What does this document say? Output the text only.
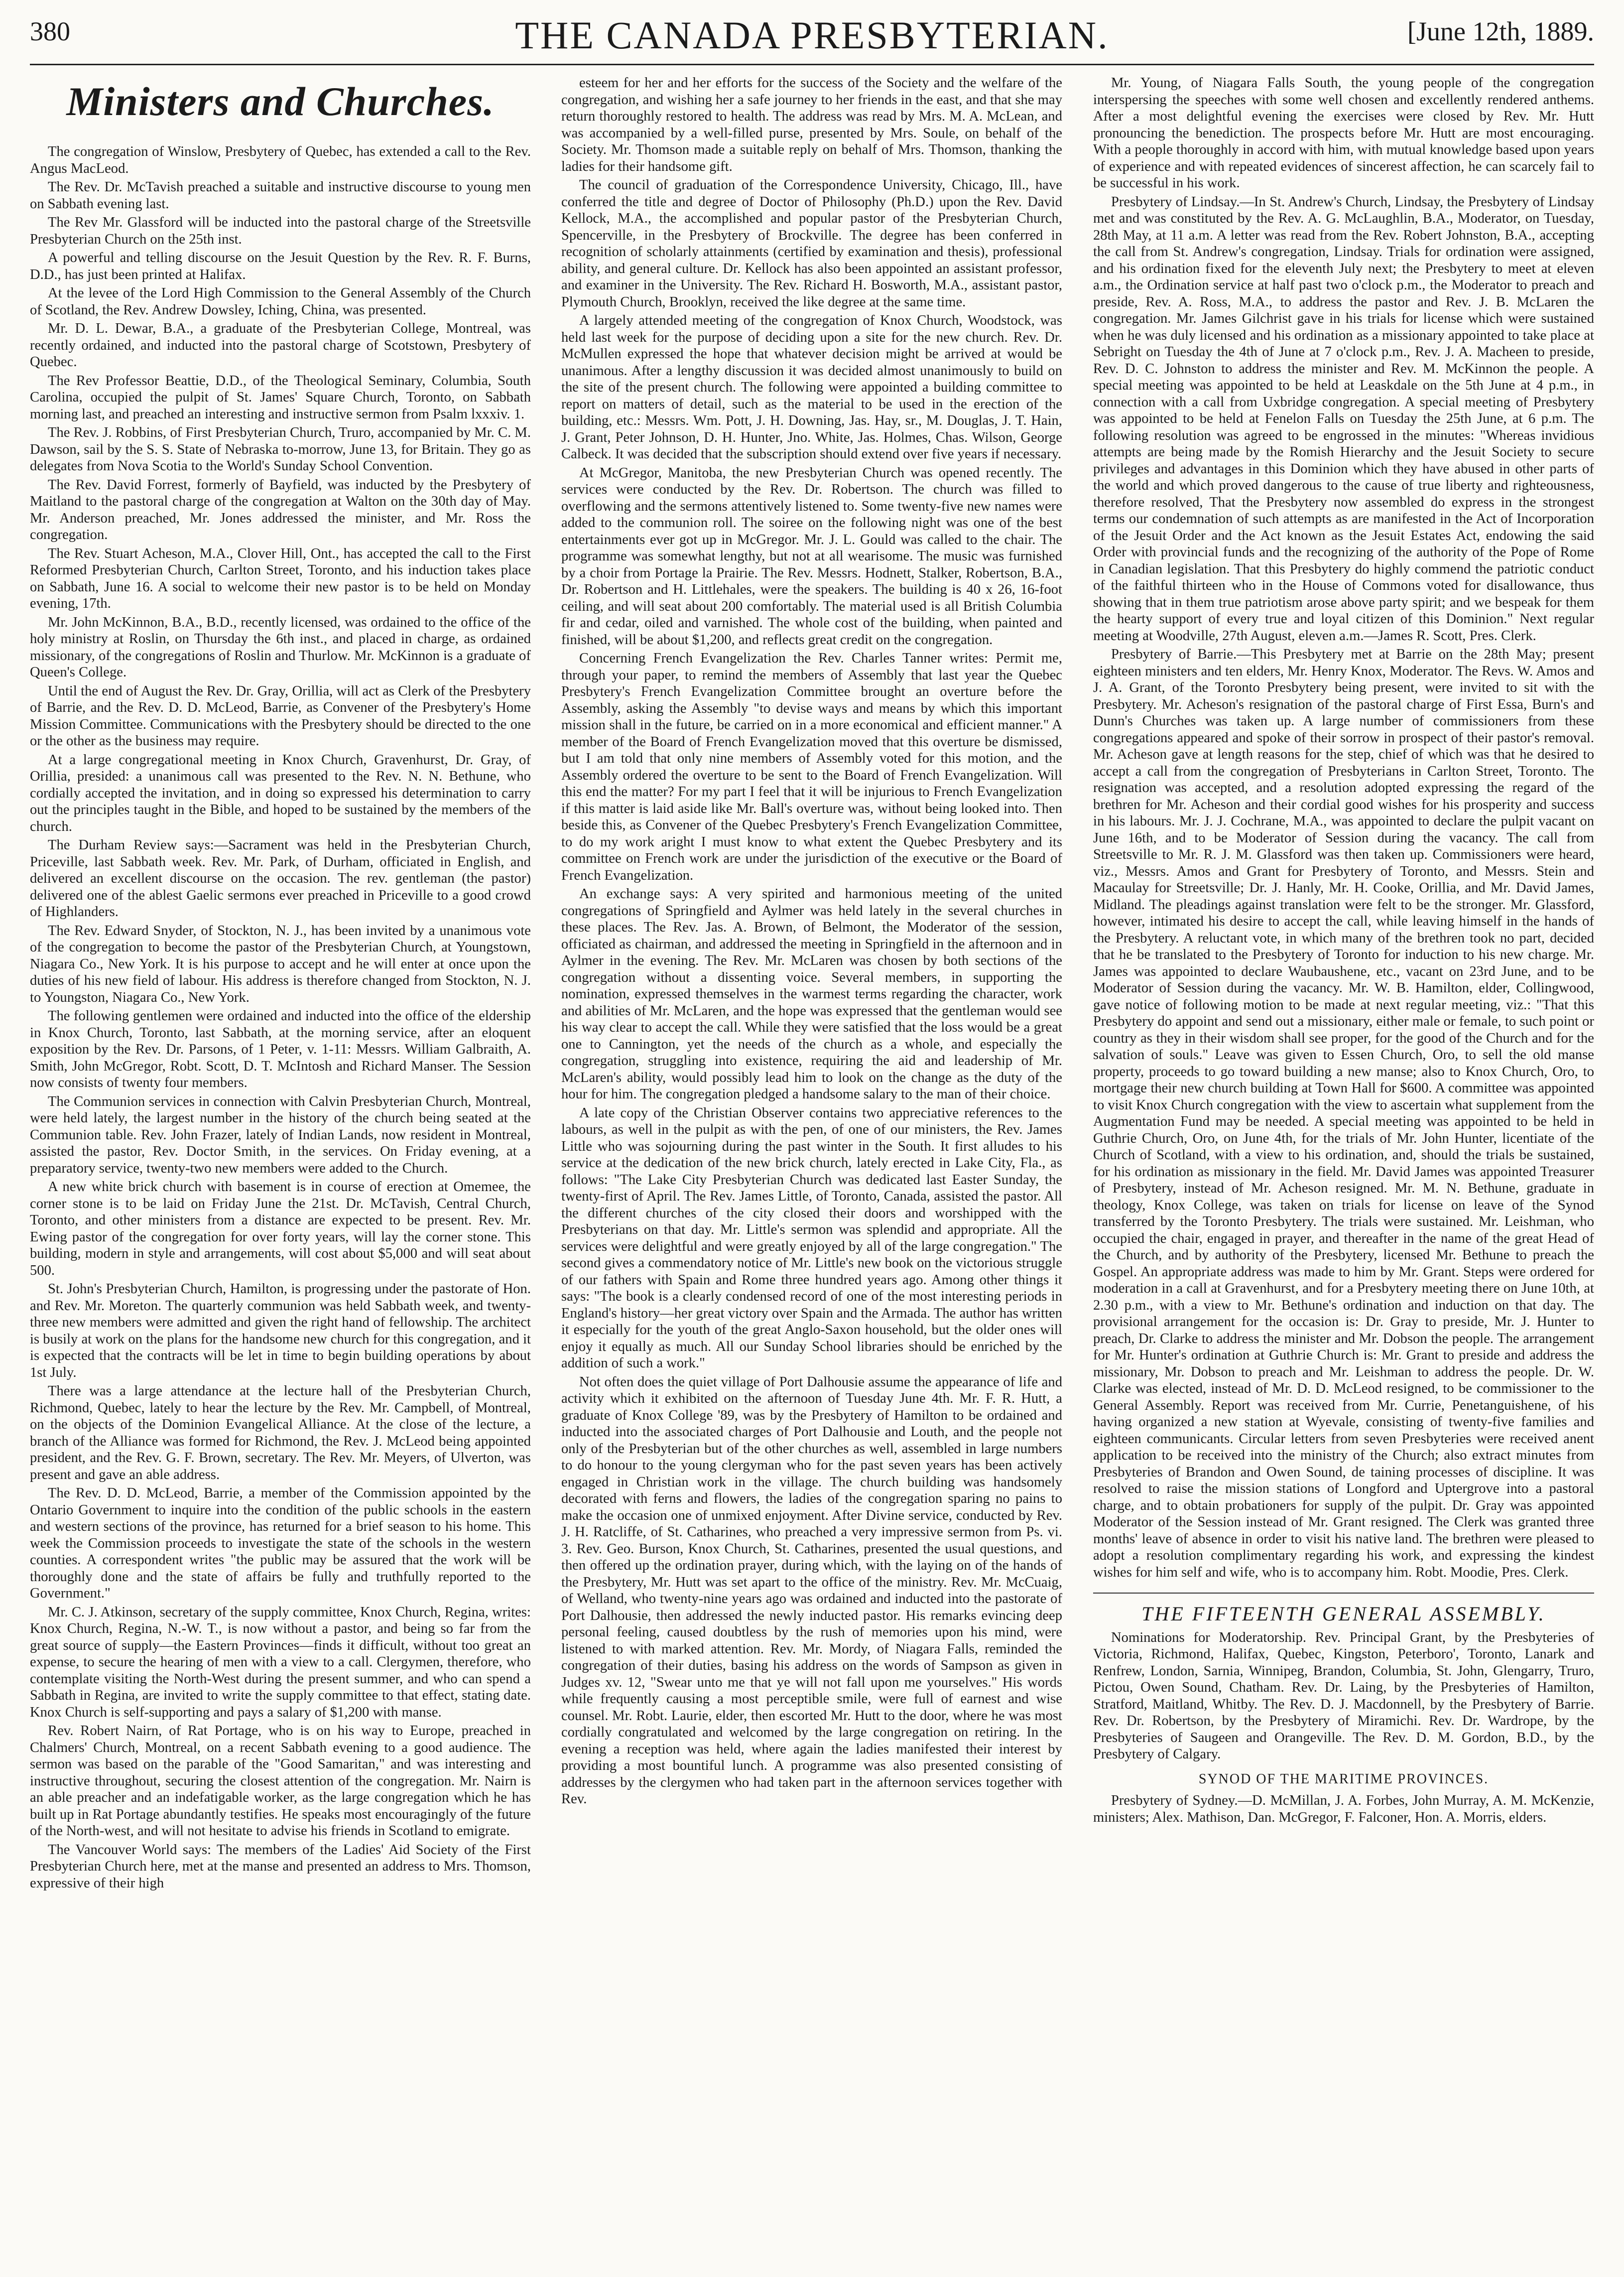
380	THE CANADA PRESBYTERIAN.	[June 12th, 1889.
Ministers and Churches.

The congregation of Winslow, Presbytery of Quebec, has extended a call to the Rev. Angus MacLeod.

The Rev. Dr. McTavish preached a suitable and instructive discourse to young men on Sabbath evening last.

The Rev Mr. Glassford will be inducted into the pastoral charge of the Streetsville Presbyterian Church on the 25th inst.

A powerful and telling discourse on the Jesuit Question by the Rev. R. F. Burns, D.D., has just been printed at Halifax.

At the levee of the Lord High Commission to the General Assembly of the Church of Scotland, the Rev. Andrew Dowsley, Iching, China, was presented.

Mr. D. L. Dewar, B.A., a graduate of the Presbyterian College, Montreal, was recently ordained, and inducted into the pastoral charge of Scotstown, Presbytery of Quebec.

The Rev Professor Beattie, D.D., of the Theological Seminary, Columbia, South Carolina, occupied the pulpit of St. James' Square Church, Toronto, on Sabbath morning last, and preached an interesting and instructive sermon from Psalm lxxxiv. 1.

The Rev. J. Robbins, of First Presbyterian Church, Truro, accompanied by Mr. C. M. Dawson, sail by the S. S. State of Nebraska to-morrow, June 13, for Britain. They go as delegates from Nova Scotia to the World's Sunday School Convention.

The Rev. David Forrest, formerly of Bayfield, was inducted by the Presbytery of Maitland to the pastoral charge of the congregation at Walton on the 30th day of May. Mr. Anderson preached, Mr. Jones addressed the minister, and Mr. Ross the congregation.

The Rev. Stuart Acheson, M.A., Clover Hill, Ont., has accepted the call to the First Reformed Presbyterian Church, Carlton Street, Toronto, and his induction takes place on Sabbath, June 16. A social to welcome their new pastor is to be held on Monday evening, 17th.

Mr. John McKinnon, B.A., B.D., recently licensed, was ordained to the office of the holy ministry at Roslin, on Thursday the 6th inst., and placed in charge, as ordained missionary, of the congregations of Roslin and Thurlow. Mr. McKinnon is a graduate of Queen's College.

Until the end of August the Rev. Dr. Gray, Orillia, will act as Clerk of the Presbytery of Barrie, and the Rev. D. D. McLeod, Barrie, as Convener of the Presbytery's Home Mission Committee. Communications with the Presbytery should be directed to the one or the other as the business may require.

At a large congregational meeting in Knox Church, Gravenhurst, Dr. Gray, of Orillia, presided: a unanimous call was presented to the Rev. N. N. Bethune, who cordially accepted the invitation, and in doing so expressed his determination to carry out the principles taught in the Bible, and hoped to be sustained by the members of the church.

The Durham Review says:—Sacrament was held in the Presbyterian Church, Priceville, last Sabbath week. Rev. Mr. Park, of Durham, officiated in English, and delivered an excellent discourse on the occasion. The rev. gentleman (the pastor) delivered one of the ablest Gaelic sermons ever preached in Priceville to a good crowd of Highlanders.

The Rev. Edward Snyder, of Stockton, N. J., has been invited by a unanimous vote of the congregation to become the pastor of the Presbyterian Church, at Youngstown, Niagara Co., New York. It is his purpose to accept and he will enter at once upon the duties of his new field of labour. His address is therefore changed from Stockton, N. J. to Youngston, Niagara Co., New York.

The following gentlemen were ordained and inducted into the office of the eldership in Knox Church, Toronto, last Sabbath, at the morning service, after an eloquent exposition by the Rev. Dr. Parsons, of 1 Peter, v. 1-11: Messrs. William Galbraith, A. Smith, John McGregor, Robt. Scott, D. T. McIntosh and Richard Manser. The Session now consists of twenty four members.

The Communion services in connection with Calvin Presbyterian Church, Montreal, were held lately, the largest number in the history of the church being seated at the Communion table. Rev. John Frazer, lately of Indian Lands, now resident in Montreal, assisted the pastor, Rev. Doctor Smith, in the services. On Friday evening, at a preparatory service, twenty-two new members were added to the Church.

A new white brick church with basement is in course of erection at Omemee, the corner stone is to be laid on Friday June the 21st. Dr. McTavish, Central Church, Toronto, and other ministers from a distance are expected to be present. Rev. Mr. Ewing pastor of the congregation for over forty years, will lay the corner stone. This building, modern in style and arrangements, will cost about $5,000 and will seat about 500.

St. John's Presbyterian Church, Hamilton, is progressing under the pastorate of Hon. and Rev. Mr. Moreton. The quarterly communion was held Sabbath week, and twenty-three new members were admitted and given the right hand of fellowship. The architect is busily at work on the plans for the handsome new church for this congregation, and it is expected that the contracts will be let in time to begin building operations by about 1st July.

There was a large attendance at the lecture hall of the Presbyterian Church, Richmond, Quebec, lately to hear the lecture by the Rev. Mr. Campbell, of Montreal, on the objects of the Dominion Evangelical Alliance. At the close of the lecture, a branch of the Alliance was formed for Richmond, the Rev. J. McLeod being appointed president, and the Rev. G. F. Brown, secretary. The Rev. Mr. Meyers, of Ulverton, was present and gave an able address.

The Rev. D. D. McLeod, Barrie, a member of the Commission appointed by the Ontario Government to inquire into the condition of the public schools in the eastern and western sections of the province, has returned for a brief season to his home. This week the Commission proceeds to investigate the state of the schools in the western counties. A correspondent writes "the public may be assured that the work will be thoroughly done and the state of affairs be fully and truthfully reported to the Government."

Mr. C. J. Atkinson, secretary of the supply committee, Knox Church, Regina, writes: Knox Church, Regina, N.-W. T., is now without a pastor, and being so far from the great source of supply—the Eastern Provinces—finds it difficult, without too great an expense, to secure the hearing of men with a view to a call. Clergymen, therefore, who contemplate visiting the North-West during the present summer, and who can spend a Sabbath in Regina, are invited to write the supply committee to that effect, stating date. Knox Church is self-supporting and pays a salary of $1,200 with manse.

Rev. Robert Nairn, of Rat Portage, who is on his way to Europe, preached in Chalmers' Church, Montreal, on a recent Sabbath evening to a good audience. The sermon was based on the parable of the "Good Samaritan," and was interesting and instructive throughout, securing the closest attention of the congregation. Mr. Nairn is an able preacher and an indefatigable worker, as the large congregation which he has built up in Rat Portage abundantly testifies. He speaks most encouragingly of the future of the North-west, and will not hesitate to advise his friends in Scotland to emigrate.

The Vancouver World says: The members of the Ladies' Aid Society of the First Presbyterian Church here, met at the manse and presented an address to Mrs. Thomson, expressive of their high

esteem for her and her efforts for the success of the Society and the welfare of the congregation, and wishing her a safe journey to her friends in the east, and that she may return thoroughly restored to health. The address was read by Mrs. M. A. McLean, and was accompanied by a well-filled purse, presented by Mrs. Soule, on behalf of the Society. Mr. Thomson made a suitable reply on behalf of Mrs. Thomson, thanking the ladies for their handsome gift.

The council of graduation of the Correspondence University, Chicago, Ill., have conferred the title and degree of Doctor of Philosophy (Ph.D.) upon the Rev. David Kellock, M.A., the accomplished and popular pastor of the Presbyterian Church, Spencerville, in the Presbytery of Brockville. The degree has been conferred in recognition of scholarly attainments (certified by examination and thesis), professional ability, and general culture. Dr. Kellock has also been appointed an assistant professor, and examiner in the University. The Rev. Richard H. Bosworth, M.A., assistant pastor, Plymouth Church, Brooklyn, received the like degree at the same time.

A largely attended meeting of the congregation of Knox Church, Woodstock, was held last week for the purpose of deciding upon a site for the new church. Rev. Dr. McMullen expressed the hope that whatever decision might be arrived at would be unanimous. After a lengthy discussion it was decided almost unanimously to build on the site of the present church. The following were appointed a building committee to report on matters of detail, such as the material to be used in the erection of the building, etc.: Messrs. Wm. Pott, J. H. Downing, Jas. Hay, sr., M. Douglas, J. T. Hain, J. Grant, Peter Johnson, D. H. Hunter, Jno. White, Jas. Holmes, Chas. Wilson, George Calbeck. It was decided that the subscription should extend over five years if necessary.

At McGregor, Manitoba, the new Presbyterian Church was opened recently. The services were conducted by the Rev. Dr. Robertson. The church was filled to overflowing and the sermons attentively listened to. Some twenty-five new names were added to the communion roll. The soiree on the following night was one of the best entertainments ever got up in McGregor. Mr. J. L. Gould was called to the chair. The programme was somewhat lengthy, but not at all wearisome. The music was furnished by a choir from Portage la Prairie. The Rev. Messrs. Hodnett, Stalker, Robertson, B.A., Dr. Robertson and H. Littlehales, were the speakers. The building is 40 x 26, 16-foot ceiling, and will seat about 200 comfortably. The material used is all British Columbia fir and cedar, oiled and varnished. The whole cost of the building, when painted and finished, will be about $1,200, and reflects great credit on the congregation.

Concerning French Evangelization the Rev. Charles Tanner writes: Permit me, through your paper, to remind the members of Assembly that last year the Quebec Presbytery's French Evangelization Committee brought an overture before the Assembly, asking the Assembly "to devise ways and means by which this important mission shall in the future, be carried on in a more economical and efficient manner." A member of the Board of French Evangelization moved that this overture be dismissed, but I am told that only nine members of Assembly voted for this motion, and the Assembly ordered the overture to be sent to the Board of French Evangelization. Will this end the matter? For my part I feel that it will be injurious to French Evangelization if this matter is laid aside like Mr. Ball's overture was, without being looked into. Then beside this, as Convener of the Quebec Presbytery's French Evangelization Committee, to do my work aright I must know to what extent the Quebec Presbytery and its committee on French work are under the jurisdiction of the executive or the Board of French Evangelization.

An exchange says: A very spirited and harmonious meeting of the united congregations of Springfield and Aylmer was held lately in the several churches in these places. The Rev. Jas. A. Brown, of Belmont, the Moderator of the session, officiated as chairman, and addressed the meeting in Springfield in the afternoon and in Aylmer in the evening. The Rev. Mr. McLaren was chosen by both sections of the congregation without a dissenting voice. Several members, in supporting the nomination, expressed themselves in the warmest terms regarding the character, work and abilities of Mr. McLaren, and the hope was expressed that the gentleman would see his way clear to accept the call. While they were satisfied that the loss would be a great one to Cannington, yet the needs of the church as a whole, and especially the congregation, struggling into existence, requiring the aid and leadership of Mr. McLaren's ability, would possibly lead him to look on the change as the duty of the hour for him. The congregation pledged a handsome salary to the man of their choice.

A late copy of the Christian Observer contains two appreciative references to the labours, as well in the pulpit as with the pen, of one of our ministers, the Rev. James Little who was sojourning during the past winter in the South. It first alludes to his service at the dedication of the new brick church, lately erected in Lake City, Fla., as follows: "The Lake City Presbyterian Church was dedicated last Easter Sunday, the twenty-first of April. The Rev. James Little, of Toronto, Canada, assisted the pastor. All the different churches of the city closed their doors and worshipped with the Presbyterians on that day. Mr. Little's sermon was splendid and appropriate. All the services were delightful and were greatly enjoyed by all of the large congregation." The second gives a commendatory notice of Mr. Little's new book on the victorious struggle of our fathers with Spain and Rome three hundred years ago. Among other things it says: "The book is a clearly condensed record of one of the most interesting periods in England's history—her great victory over Spain and the Armada. The author has written it especially for the youth of the great Anglo-Saxon household, but the older ones will enjoy it equally as much. All our Sunday School libraries should be enriched by the addition of such a work."

Not often does the quiet village of Port Dalhousie assume the appearance of life and activity which it exhibited on the afternoon of Tuesday June 4th. Mr. F. R. Hutt, a graduate of Knox College '89, was by the Presbytery of Hamilton to be ordained and inducted into the associated charges of Port Dalhousie and Louth, and the people not only of the Presbyterian but of the other churches as well, assembled in large numbers to do honour to the young clergyman who for the past seven years has been actively engaged in Christian work in the village. The church building was handsomely decorated with ferns and flowers, the ladies of the congregation sparing no pains to make the occasion one of unmixed enjoyment. After Divine service, conducted by Rev. J. H. Ratcliffe, of St. Catharines, who preached a very impressive sermon from Ps. vi. 3. Rev. Geo. Burson, Knox Church, St. Catharines, presented the usual questions, and then offered up the ordination prayer, during which, with the laying on of the hands of the Presbytery, Mr. Hutt was set apart to the office of the ministry. Rev. Mr. McCuaig, of Welland, who twenty-nine years ago was ordained and inducted into the pastorate of Port Dalhousie, then addressed the newly inducted pastor. His remarks evincing deep personal feeling, caused doubtless by the rush of memories upon his mind, were listened to with marked attention. Rev. Mr. Mordy, of Niagara Falls, reminded the congregation of their duties, basing his address on the words of Sampson as given in Judges xv. 12, "Swear unto me that ye will not fall upon me yourselves." His words while frequently causing a most perceptible smile, were full of earnest and wise counsel. Mr. Robt. Laurie, elder, then escorted Mr. Hutt to the door, where he was most cordially congratulated and welcomed by the large congregation on retiring. In the evening a reception was held, where again the ladies manifested their interest by providing a most bountiful lunch. A programme was also presented consisting of addresses by the clergymen who had taken part in the afternoon services together with Rev.

Mr. Young, of Niagara Falls South, the young people of the congregation interspersing the speeches with some well chosen and excellently rendered anthems. After a most delightful evening the exercises were closed by Rev. Mr. Hutt pronouncing the benediction. The prospects before Mr. Hutt are most encouraging. With a people thoroughly in accord with him, with mutual knowledge based upon years of experience and with repeated evidences of sincerest affection, he can scarcely fail to be successful in his work.

Presbytery of Lindsay.—In St. Andrew's Church, Lindsay, the Presbytery of Lindsay met and was constituted by the Rev. A. G. McLaughlin, B.A., Moderator, on Tuesday, 28th May, at 11 a.m. A letter was read from the Rev. Robert Johnston, B.A., accepting the call from St. Andrew's congregation, Lindsay. Trials for ordination were assigned, and his ordination fixed for the eleventh July next; the Presbytery to meet at eleven a.m., the Ordination service at half past two o'clock p.m., the Moderator to preach and preside, Rev. A. Ross, M.A., to address the pastor and Rev. J. B. McLaren the congregation. Mr. James Gilchrist gave in his trials for license which were sustained when he was duly licensed and his ordination as a missionary appointed to take place at Sebright on Tuesday the 4th of June at 7 o'clock p.m., Rev. J. A. Macheen to preside, Rev. D. C. Johnston to address the minister and Rev. M. McKinnon the people. A special meeting was appointed to be held at Leaskdale on the 5th June at 4 p.m., in connection with a call from Uxbridge congregation. A special meeting of Presbytery was appointed to be held at Fenelon Falls on Tuesday the 25th June, at 6 p.m. The following resolution was agreed to be engrossed in the minutes: "Whereas invidious attempts are being made by the Romish Hierarchy and the Jesuit Society to secure privileges and advantages in this Dominion which they have abused in other parts of the world and which proved dangerous to the cause of true liberty and righteousness, therefore resolved, That the Presbytery now assembled do express in the strongest terms our condemnation of such attempts as are manifested in the Act of Incorporation of the Jesuit Order and the Act known as the Jesuit Estates Act, endowing the said Order with provincial funds and the recognizing of the authority of the Pope of Rome in Canadian legislation. That this Presbytery do highly commend the patriotic conduct of the faithful thirteen who in the House of Commons voted for disallowance, thus showing that in them true patriotism arose above party spirit; and we bespeak for them the hearty support of every true and loyal citizen of this Dominion." Next regular meeting at Woodville, 27th August, eleven a.m.—James R. Scott, Pres. Clerk.

Presbytery of Barrie.—This Presbytery met at Barrie on the 28th May; present eighteen ministers and ten elders, Mr. Henry Knox, Moderator. The Revs. W. Amos and J. A. Grant, of the Toronto Presbytery being present, were invited to sit with the Presbytery. Mr. Acheson's resignation of the pastoral charge of First Essa, Burn's and Dunn's Churches was taken up. A large number of commissioners from these congregations appeared and spoke of their sorrow in prospect of their pastor's removal. Mr. Acheson gave at length reasons for the step, chief of which was that he desired to accept a call from the congregation of Presbyterians in Carlton Street, Toronto. The resignation was accepted, and a resolution adopted expressing the regard of the brethren for Mr. Acheson and their cordial good wishes for his prosperity and success in his labours. Mr. J. J. Cochrane, M.A., was appointed to declare the pulpit vacant on June 16th, and to be Moderator of Session during the vacancy. The call from Streetsville to Mr. R. J. M. Glassford was then taken up. Commissioners were heard, viz., Messrs. Amos and Grant for Presbytery of Toronto, and Messrs. Stein and Macaulay for Streetsville; Dr. J. Hanly, Mr. H. Cooke, Orillia, and Mr. David James, Midland. The pleadings against translation were felt to be the stronger. Mr. Glassford, however, intimated his desire to accept the call, while leaving himself in the hands of the Presbytery. A reluctant vote, in which many of the brethren took no part, decided that he be translated to the Presbytery of Toronto for induction to his new charge. Mr. James was appointed to declare Waubaushene, etc., vacant on 23rd June, and to be Moderator of Session during the vacancy. Mr. W. B. Hamilton, elder, Collingwood, gave notice of following motion to be made at next regular meeting, viz.: "That this Presbytery do appoint and send out a missionary, either male or female, to such point or country as they in their wisdom shall see proper, for the good of the Church and for the salvation of souls." Leave was given to Essen Church, Oro, to sell the old manse property, proceeds to go toward building a new manse; also to Knox Church, Oro, to mortgage their new church building at Town Hall for $600. A committee was appointed to visit Knox Church congregation with the view to ascertain what supplement from the Augmentation Fund may be needed. A special meeting was appointed to be held in Guthrie Church, Oro, on June 4th, for the trials of Mr. John Hunter, licentiate of the Church of Scotland, with a view to his ordination, and, should the trials be sustained, for his ordination as missionary in the field. Mr. David James was appointed Treasurer of Presbytery, instead of Mr. Acheson resigned. Mr. M. N. Bethune, graduate in theology, Knox College, was taken on trials for license on leave of the Synod transferred by the Toronto Presbytery. The trials were sustained. Mr. Leishman, who occupied the chair, engaged in prayer, and thereafter in the name of the great Head of the Church, and by authority of the Presbytery, licensed Mr. Bethune to preach the Gospel. An appropriate address was made to him by Mr. Grant. Steps were ordered for moderation in a call at Gravenhurst, and for a Presbytery meeting there on June 10th, at 2.30 p.m., with a view to Mr. Bethune's ordination and induction on that day. The provisional arrangement for the occasion is: Dr. Gray to preside, Mr. J. Hunter to preach, Dr. Clarke to address the minister and Mr. Dobson the people. The arrangement for Mr. Hunter's ordination at Guthrie Church is: Mr. Grant to preside and address the missionary, Mr. Dobson to preach and Mr. Leishman to address the people. Dr. W. Clarke was elected, instead of Mr. D. D. McLeod resigned, to be commissioner to the General Assembly. Report was received from Mr. Currie, Penetanguishene, of his having organized a new station at Wyevale, consisting of twenty-five families and eighteen communicants. Circular letters from seven Presbyteries were received anent application to be received into the ministry of the Church; also extract minutes from Presbyteries of Brandon and Owen Sound, de taining processes of discipline. It was resolved to raise the mission stations of Longford and Uptergrove into a pastoral charge, and to obtain probationers for supply of the pulpit. Dr. Gray was appointed Moderator of the Session instead of Mr. Grant resigned. The Clerk was granted three months' leave of absence in order to visit his native land. The brethren were pleased to adopt a resolution complimentary regarding his work, and expressing the kindest wishes for him self and wife, who is to accompany him. Robt. Moodie, Pres. Clerk.

THE FIFTEENTH GENERAL ASSEMBLY.

Nominations for Moderatorship. Rev. Principal Grant, by the Presbyteries of Victoria, Richmond, Halifax, Quebec, Kingston, Peterboro', Toronto, Lanark and Renfrew, London, Sarnia, Winnipeg, Brandon, Columbia, St. John, Glengarry, Truro, Pictou, Owen Sound, Chatham. Rev. Dr. Laing, by the Presbyteries of Hamilton, Stratford, Maitland, Whitby. The Rev. D. J. Macdonnell, by the Presbytery of Barrie. Rev. Dr. Robertson, by the Presbytery of Miramichi. Rev. Dr. Wardrope, by the Presbyteries of Saugeen and Orangeville. The Rev. D. M. Gordon, B.D., by the Presbytery of Calgary.

SYNOD OF THE MARITIME PROVINCES.

Presbytery of Sydney.—D. McMillan, J. A. Forbes, John Murray, A. M. McKenzie, ministers; Alex. Mathison, Dan. McGregor, F. Falconer, Hon. A. Morris, elders.
